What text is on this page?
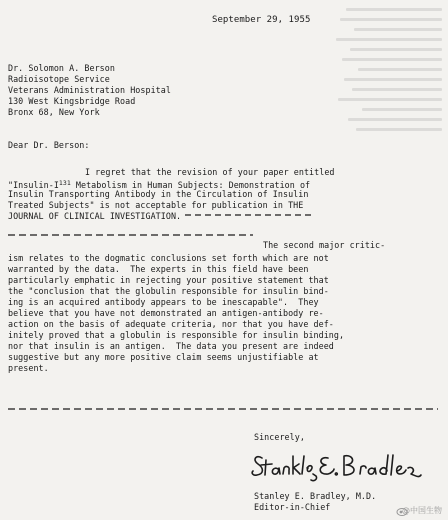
September 29, 1955
Dr. Solomon A. Berson
Radioisotope Service
Veterans Administration Hospital
130 West Kingsbridge Road
Bronx 68, New York
Dear Dr. Berson:
I regret that the revision of your paper entitled
"$Insulin-I^{131}$ Metabolism in Human Subjects: Demonstration of
Insulin Transporting Antibody in the Circulation of Insulin
Treated Subjects" is not acceptable for publication in THE
JOURNAL OF CLINICAL INVESTIGATION.
The second major critic-
ism relates to the dogmatic conclusions set forth which are not
warranted by the data.  The experts in this field have been
particularly emphatic in rejecting your positive statement that
the "conclusion that the globulin responsible for insulin bind-
ing is an acquired antibody appears to be inescapable".  They
believe that you have not demonstrated an antigen-antibody re-
action on the basis of adequate criteria, nor that you have def-
initely proved that a globulin is responsible for insulin binding,
nor that insulin is an antigen.  The data you present are indeed
suggestive but any more positive claim seems unjustifiable at
present.
Sincerely,
Stanley E. Bradley, M.D.
Editor-in-Chief	@中国生物
